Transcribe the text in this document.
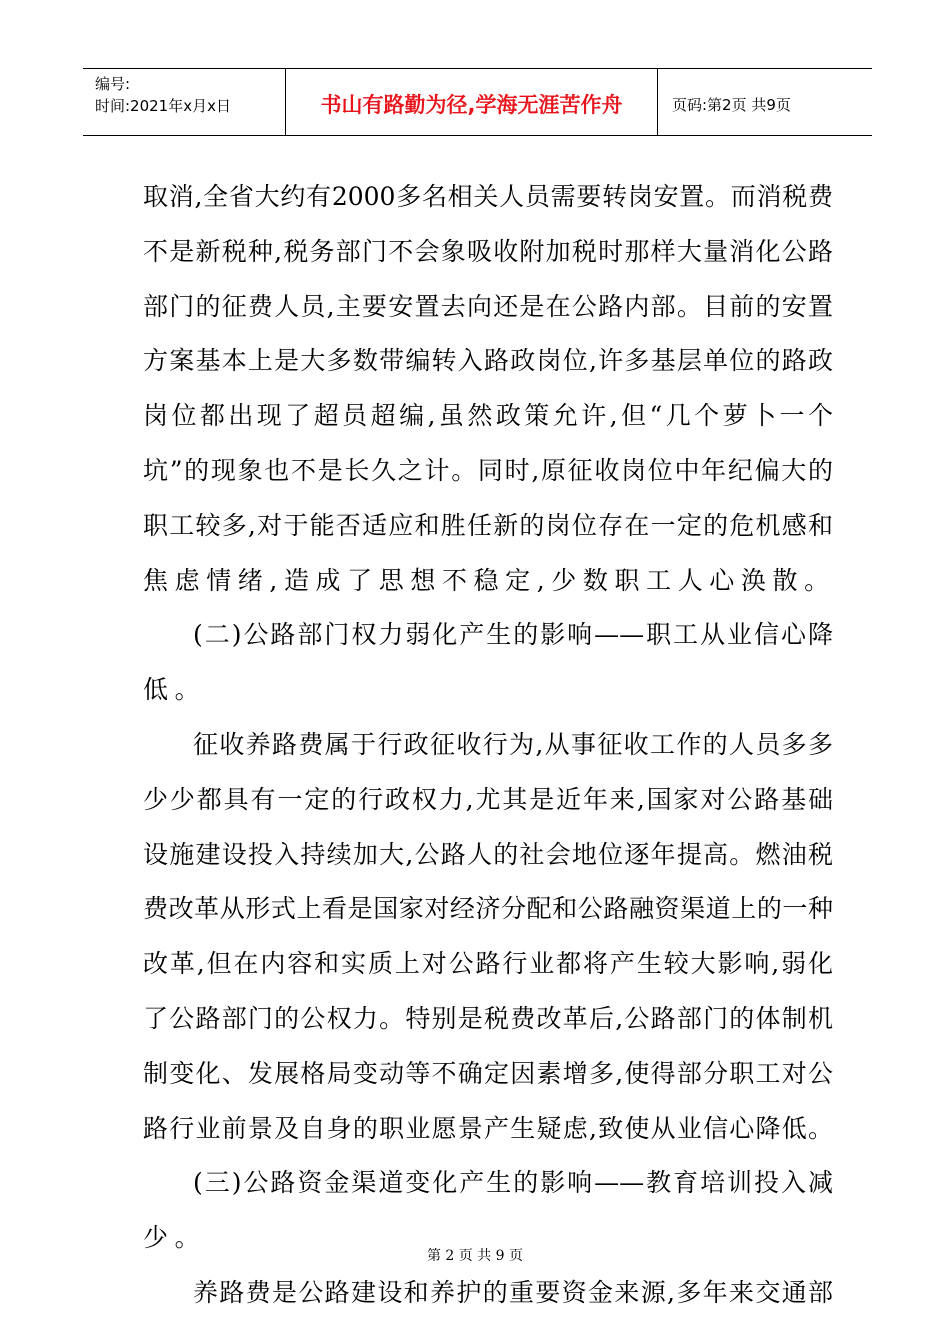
编号:
时间:2021年x月x日	书山有路勤为径,学海无涯苦作舟	页码:第2页 共9页
取消,全省大约有2000多名相关人员需要转岗安置。而消税费
不是新税种,税务部门不会象吸收附加税时那样大量消化公路
部门的征费人员,主要安置去向还是在公路内部。目前的安置
方案基本上是大多数带编转入路政岗位,许多基层单位的路政
岗位都出现了超员超编,虽然政策允许,但“几个萝卜一个
坑”的现象也不是长久之计。同时,原征收岗位中年纪偏大的
职工较多,对于能否适应和胜任新的岗位存在一定的危机感和
焦虑情绪,造成了思想不稳定,少数职工人心涣散。
(二)公路部门权力弱化产生的影响——职工从业信心降
低。
征收养路费属于行政征收行为,从事征收工作的人员多多
少少都具有一定的行政权力,尤其是近年来,国家对公路基础
设施建设投入持续加大,公路人的社会地位逐年提高。燃油税
费改革从形式上看是国家对经济分配和公路融资渠道上的一种
改革,但在内容和实质上对公路行业都将产生较大影响,弱化
了公路部门的公权力。特别是税费改革后,公路部门的体制机
制变化、发展格局变动等不确定因素增多,使得部分职工对公
路行业前景及自身的职业愿景产生疑虑,致使从业信心降低。
(三)公路资金渠道变化产生的影响——教育培训投入减
少。
养路费是公路建设和养护的重要资金来源,多年来交通部
第 2 页 共 9 页
